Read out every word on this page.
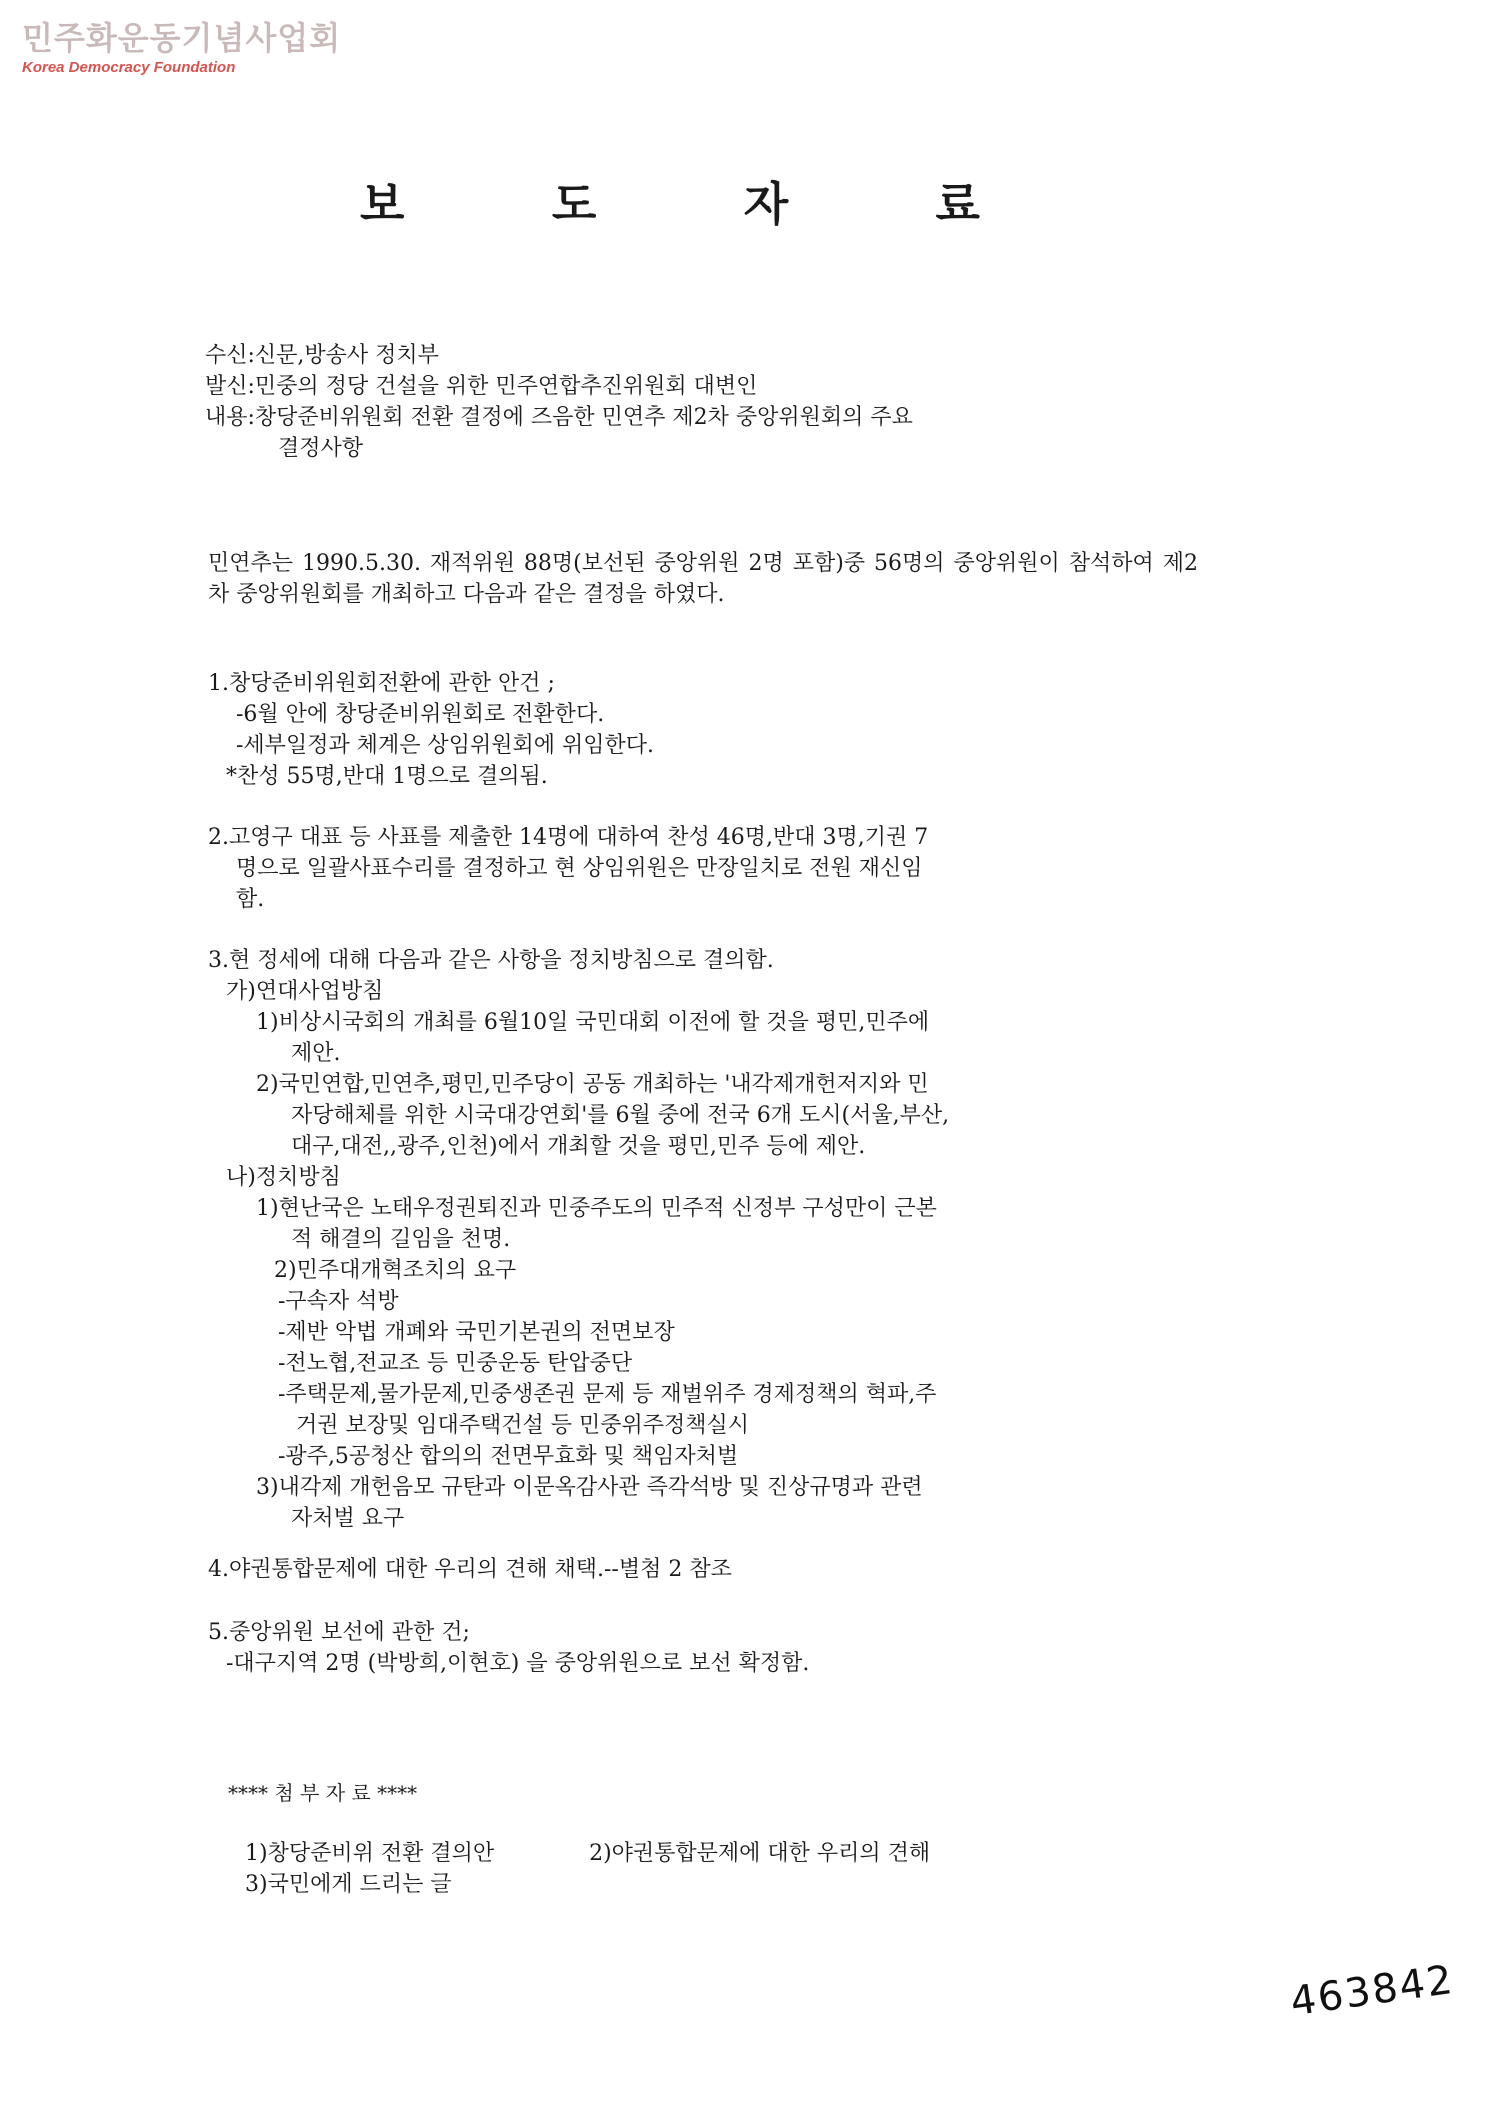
민주화운동기념사업회
Korea Democracy Foundation
보	도	자	료
수신:신문,방송사 정치부
발신:민중의 정당 건설을 위한 민주연합추진위원회 대변인
내용:창당준비위원회 전환 결정에 즈음한 민연추 제2차 중앙위원회의 주요
결정사항
민연추는 1990.5.30. 재적위원 88명(보선된 중앙위원 2명 포함)중 56명의 중앙위원이 참석하여 제2차 중앙위원회를 개최하고 다음과 같은 결정을 하였다.
1.창당준비위원회전환에 관한 안건 ;
-6월 안에 창당준비위원회로 전환한다.
-세부일정과 체계은 상임위원회에 위임한다.
*찬성 55명,반대 1명으로 결의됨.
2.고영구 대표 등 사표를 제출한 14명에 대하여 찬성 46명,반대 3명,기권 7
명으로 일괄사표수리를 결정하고 현 상임위원은 만장일치로 전원 재신임
함.
3.현 정세에 대해 다음과 같은 사항을 정치방침으로 결의함.
가)연대사업방침
1)비상시국회의 개최를 6월10일 국민대회 이전에 할 것을 평민,민주에
제안.
2)국민연합,민연추,평민,민주당이 공동 개최하는 '내각제개헌저지와 민
자당해체를 위한 시국대강연회'를 6월 중에 전국 6개 도시(서울,부산,
대구,대전,,광주,인천)에서 개최할 것을 평민,민주 등에 제안.
나)정치방침
1)현난국은 노태우정권퇴진과 민중주도의 민주적 신정부 구성만이 근본
적 해결의 길임을 천명.
2)민주대개혁조치의 요구
-구속자 석방
-제반 악법 개폐와 국민기본권의 전면보장
-전노협,전교조 등 민중운동 탄압중단
-주택문제,물가문제,민중생존권 문제 등 재벌위주 경제정책의 혁파,주
거권 보장및 임대주택건설 등 민중위주정책실시
-광주,5공청산 합의의 전면무효화 및 책임자처벌
3)내각제 개헌음모 규탄과 이문옥감사관 즉각석방 및 진상규명과 관련
자처벌 요구
4.야권통합문제에 대한 우리의 견해 채택.--별첨 2 참조
5.중앙위원 보선에 관한 건;
-대구지역 2명 (박방희,이현호) 을 중앙위원으로 보선 확정함.
**** 첨 부 자 료 ****
1)창당준비위 전환 결의안	2)야권통합문제에 대한 우리의 견해
3)국민에게 드리는 글
463842
